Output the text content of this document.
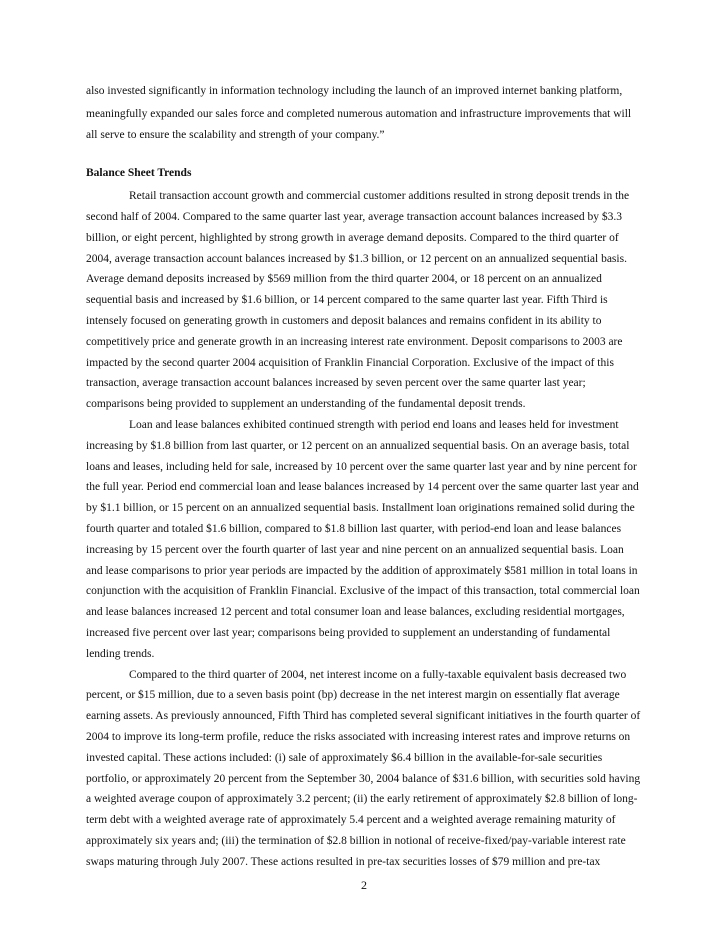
also invested significantly in information technology including the launch of an improved internet banking platform,
meaningfully expanded our sales force and completed numerous automation and infrastructure improvements that will
all serve to ensure the scalability and strength of your company.”
Balance Sheet Trends
Retail transaction account growth and commercial customer additions resulted in strong deposit trends in the
second half of 2004. Compared to the same quarter last year, average transaction account balances increased by $3.3
billion, or eight percent, highlighted by strong growth in average demand deposits. Compared to the third quarter of
2004, average transaction account balances increased by $1.3 billion, or 12 percent on an annualized sequential basis.
Average demand deposits increased by $569 million from the third quarter 2004, or 18 percent on an annualized
sequential basis and increased by $1.6 billion, or 14 percent compared to the same quarter last year. Fifth Third is
intensely focused on generating growth in customers and deposit balances and remains confident in its ability to
competitively price and generate growth in an increasing interest rate environment. Deposit comparisons to 2003 are
impacted by the second quarter 2004 acquisition of Franklin Financial Corporation. Exclusive of the impact of this
transaction, average transaction account balances increased by seven percent over the same quarter last year;
comparisons being provided to supplement an understanding of the fundamental deposit trends.
Loan and lease balances exhibited continued strength with period end loans and leases held for investment
increasing by $1.8 billion from last quarter, or 12 percent on an annualized sequential basis. On an average basis, total
loans and leases, including held for sale, increased by 10 percent over the same quarter last year and by nine percent for
the full year. Period end commercial loan and lease balances increased by 14 percent over the same quarter last year and
by $1.1 billion, or 15 percent on an annualized sequential basis. Installment loan originations remained solid during the
fourth quarter and totaled $1.6 billion, compared to $1.8 billion last quarter, with period-end loan and lease balances
increasing by 15 percent over the fourth quarter of last year and nine percent on an annualized sequential basis. Loan
and lease comparisons to prior year periods are impacted by the addition of approximately $581 million in total loans in
conjunction with the acquisition of Franklin Financial. Exclusive of the impact of this transaction, total commercial loan
and lease balances increased 12 percent and total consumer loan and lease balances, excluding residential mortgages,
increased five percent over last year; comparisons being provided to supplement an understanding of fundamental
lending trends.
Compared to the third quarter of 2004, net interest income on a fully-taxable equivalent basis decreased two
percent, or $15 million, due to a seven basis point (bp) decrease in the net interest margin on essentially flat average
earning assets. As previously announced, Fifth Third has completed several significant initiatives in the fourth quarter of
2004 to improve its long-term profile, reduce the risks associated with increasing interest rates and improve returns on
invested capital. These actions included: (i) sale of approximately $6.4 billion in the available-for-sale securities
portfolio, or approximately 20 percent from the September 30, 2004 balance of $31.6 billion, with securities sold having
a weighted average coupon of approximately 3.2 percent; (ii) the early retirement of approximately $2.8 billion of long-
term debt with a weighted average rate of approximately 5.4 percent and a weighted average remaining maturity of
approximately six years and; (iii) the termination of $2.8 billion in notional of receive-fixed/pay-variable interest rate
swaps maturing through July 2007. These actions resulted in pre-tax securities losses of $79 million and pre-tax
2
